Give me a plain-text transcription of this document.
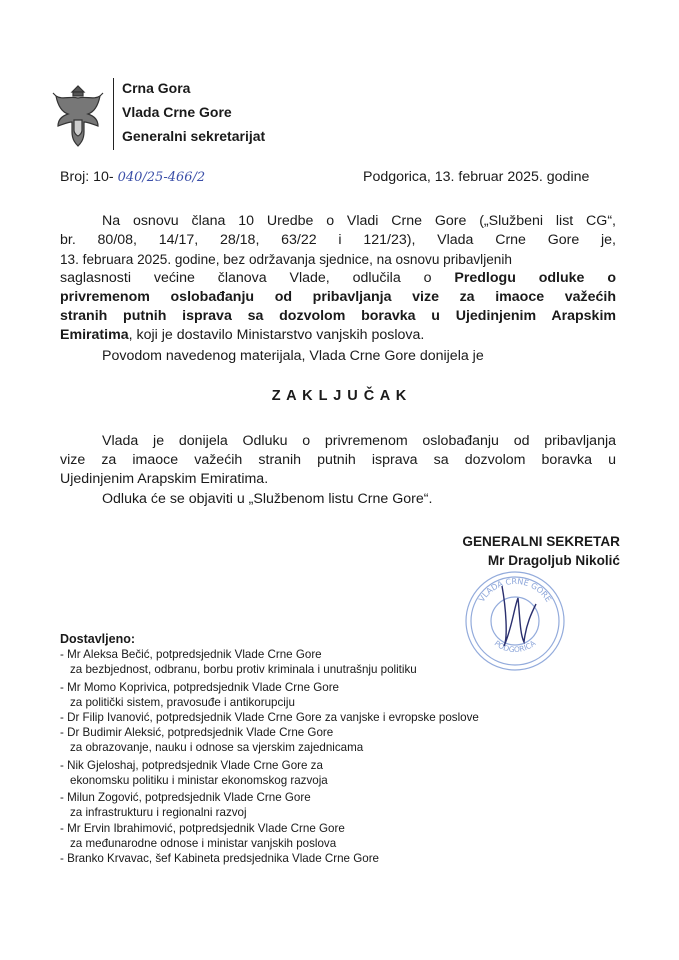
Crna Gora
Vlada Crne Gore
Generalni sekretarijat
Broj: 10- 040/25-466/2	Podgorica, 13. februar 2025. godine
Na osnovu člana 10 Uredbe o Vladi Crne Gore („Službeni list CG“,
br. 80/08, 14/17, 28/18, 63/22 i 121/23), Vlada Crne Gore je,
13. februara 2025. godine, bez održavanja sjednice, na osnovu pribavljenih
saglasnosti većine članova Vlade, odlučila o Predlogu odluke o
privremenom oslobađanju od pribavljanja vize za imaoce važećih
stranih putnih isprava sa dozvolom boravka u Ujedinjenim Arapskim
Emiratima, koji je dostavilo Ministarstvo vanjskih poslova.
Povodom navedenog materijala, Vlada Crne Gore donijela je
Z A K L J U Č A K
Vlada je donijela Odluku o privremenom oslobađanju od pribavljanja
vize za imaoce važećih stranih putnih isprava sa dozvolom boravka u
Ujedinjenim Arapskim Emiratima.
Odluka će se objaviti u „Službenom listu Crne Gore“.
GENERALNI SEKRETAR
Mr Dragoljub Nikolić
VLADA CRNE GORE
PODGORICA
Dostavljeno:
- Mr Aleksa Bečić, potpredsjednik Vlade Crne Gore
za bezbjednost, odbranu, borbu protiv kriminala i unutrašnju politiku
- Mr Momo Koprivica, potpredsjednik Vlade Crne Gore
za politički sistem, pravosuđe i antikorupciju
- Dr Filip Ivanović, potpredsjednik Vlade Crne Gore za vanjske i evropske poslove
- Dr Budimir Aleksić, potpredsjednik Vlade Crne Gore
za obrazovanje, nauku i odnose sa vjerskim zajednicama
- Nik Gjeloshaj, potpredsjednik Vlade Crne Gore za
ekonomsku politiku i ministar ekonomskog razvoja
- Milun Zogović, potpredsjednik Vlade Crne Gore
za infrastrukturu i regionalni razvoj
- Mr Ervin Ibrahimović, potpredsjednik Vlade Crne Gore
za međunarodne odnose i ministar vanjskih poslova
- Branko Krvavac, šef Kabineta predsjednika Vlade Crne Gore
